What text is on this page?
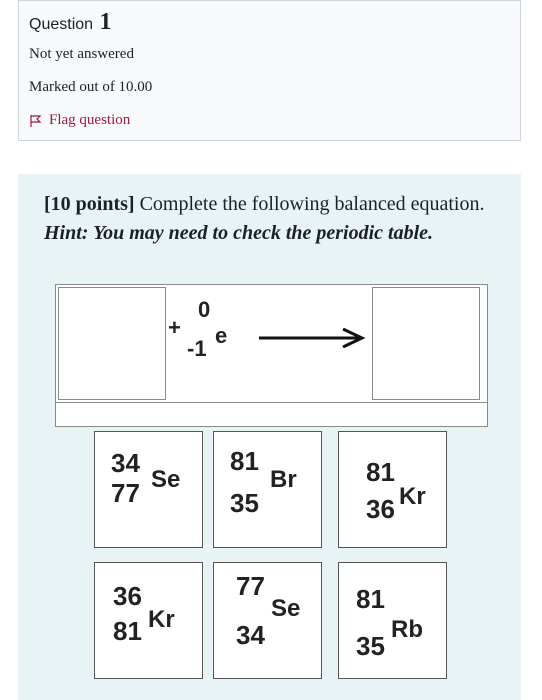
Question 1
Not yet answered
Marked out of 10.00
Flag question
[10 points] Complete the following balanced equation. Hint: You may need to check the periodic table.
+
0
-1
e
34
77 Se
81
35
Br	81
36 Kr
36
81 Kr
77
34
Se 81
35
Rb
